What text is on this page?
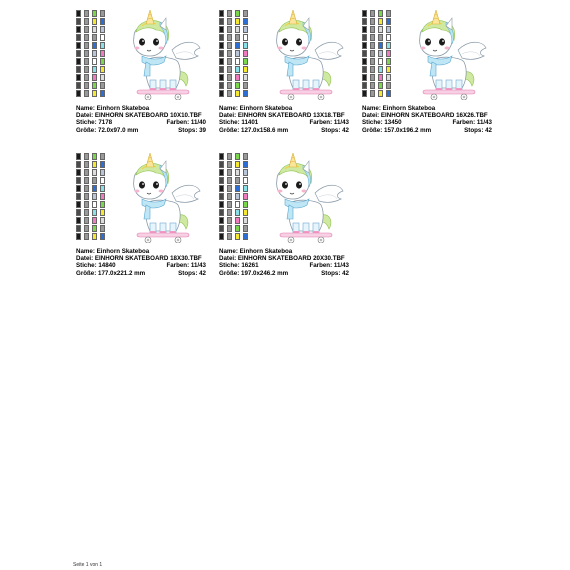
Name: Einhorn Skateboa
Datei: EINHORN SKATEBOARD 10X10.TBF
Stiche: 7178	Farben: 11/40
Größe: 72.0x97.0 mm	Stops: 39
Name: Einhorn Skateboa
Datei: EINHORN SKATEBOARD 13X18.TBF
Stiche: 11401	Farben: 11/43
Größe: 127.0x158.6 mm	Stops: 42
Name: Einhorn Skateboa
Datei: EINHORN SKATEBOARD 16X26.TBF
Stiche: 13450	Farben: 11/43
Größe: 157.0x196.2 mm	Stops: 42
Name: Einhorn Skateboa
Datei: EINHORN SKATEBOARD 18X30.TBF
Stiche: 14840	Farben: 11/43
Größe: 177.0x221.2 mm	Stops: 42
Name: Einhorn Skateboa
Datei: EINHORN SKATEBOARD 20X30.TBF
Stiche: 16261	Farben: 11/43
Größe: 197.0x246.2 mm	Stops: 42
Seite 1 von 1
